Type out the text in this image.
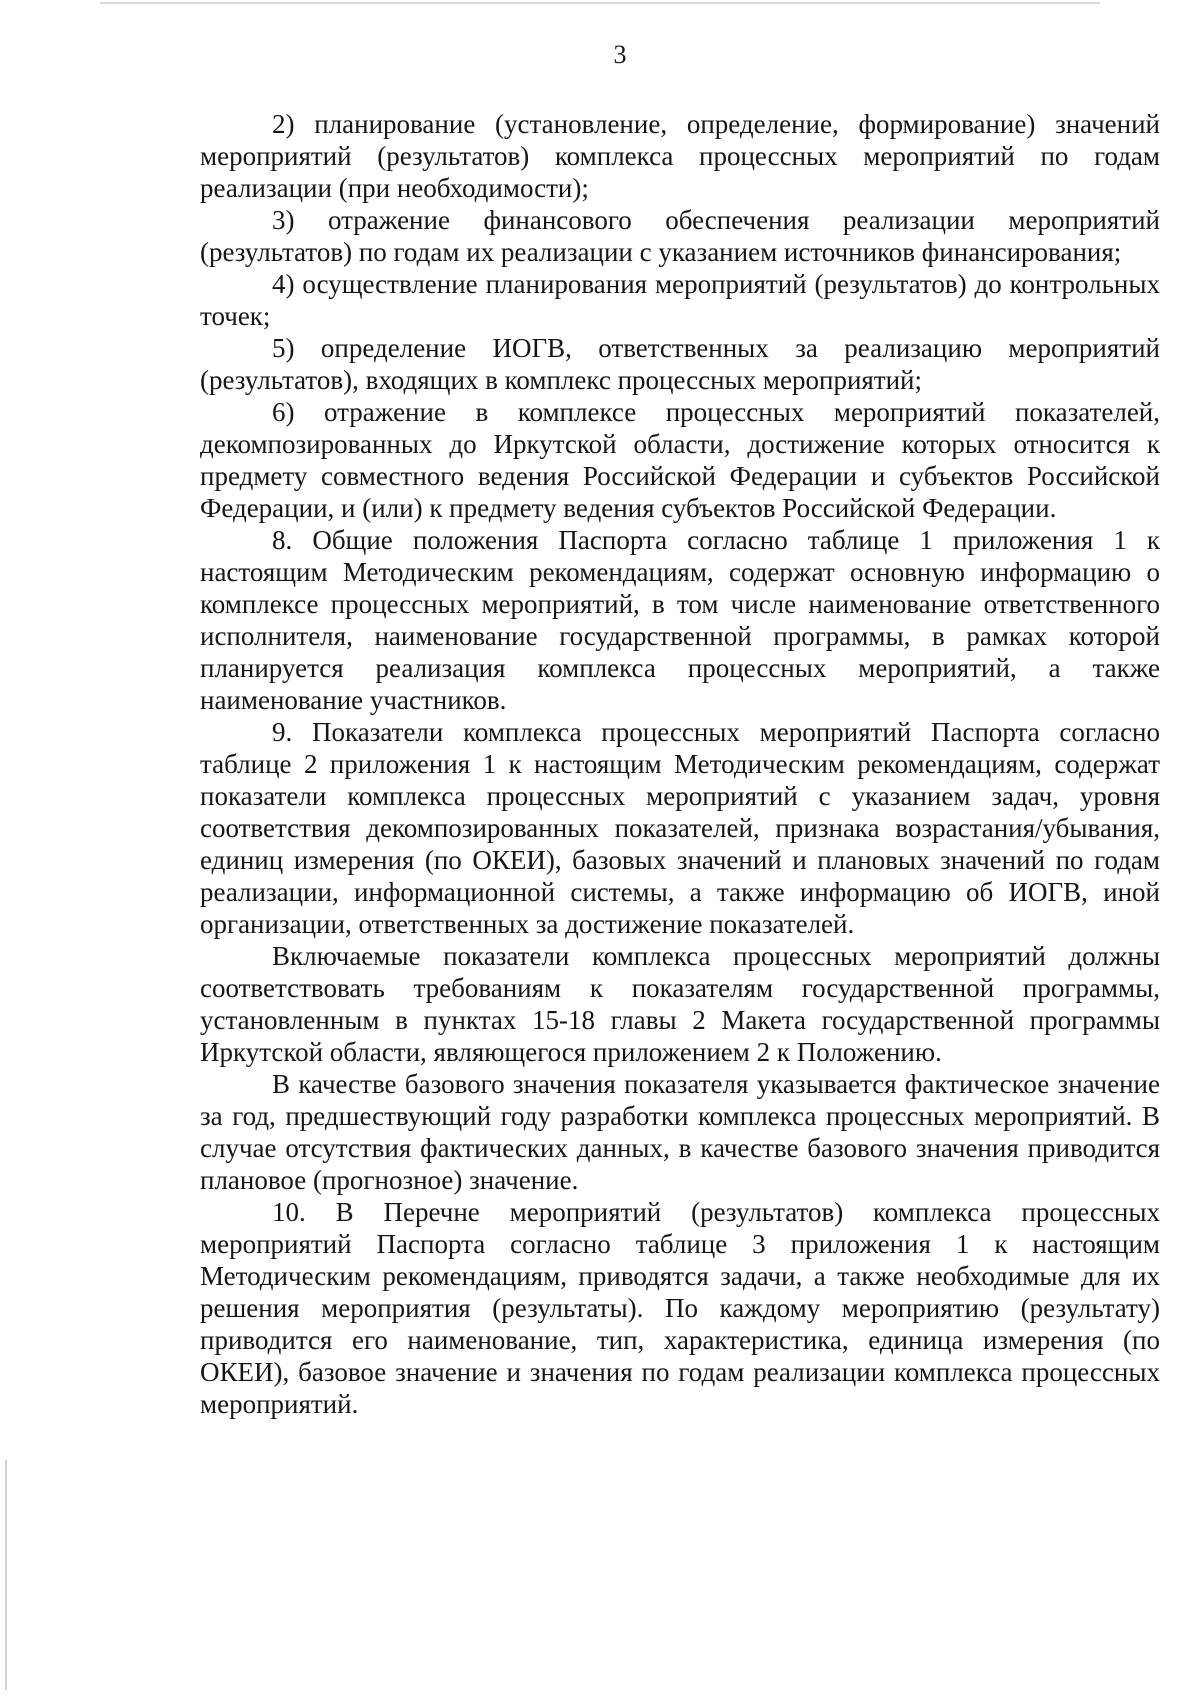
3

2) планирование (установление, определение, формирование) значений мероприятий (результатов) комплекса процессных мероприятий по годам реализации (при необходимости);

3) отражение финансового обеспечения реализации мероприятий (результатов) по годам их реализации с указанием источников финансирования;

4) осуществление планирования мероприятий (результатов) до контрольных точек;

5) определение ИОГВ, ответственных за реализацию мероприятий (результатов), входящих в комплекс процессных мероприятий;

6) отражение в комплексе процессных мероприятий показателей, декомпозированных до Иркутской области, достижение которых относится к предмету совместного ведения Российской Федерации и субъектов Российской Федерации, и (или) к предмету ведения субъектов Российской Федерации.

8. Общие положения Паспорта согласно таблице 1 приложения 1 к настоящим Методическим рекомендациям, содержат основную информацию о комплексе процессных мероприятий, в том числе наименование ответственного исполнителя, наименование государственной программы, в рамках которой планируется реализация комплекса процессных мероприятий, а также наименование участников.

9. Показатели комплекса процессных мероприятий Паспорта согласно таблице 2 приложения 1 к настоящим Методическим рекомендациям, содержат показатели комплекса процессных мероприятий с указанием задач, уровня соответствия декомпозированных показателей, признака возрастания/убывания, единиц измерения (по ОКЕИ), базовых значений и плановых значений по годам реализации, информационной системы, а также информацию об ИОГВ, иной организации, ответственных за достижение показателей.

Включаемые показатели комплекса процессных мероприятий должны соответствовать требованиям к показателям государственной программы, установленным в пунктах 15-18 главы 2 Макета государственной программы Иркутской области, являющегося приложением 2 к Положению.

В качестве базового значения показателя указывается фактическое значение за год, предшествующий году разработки комплекса процессных мероприятий. В случае отсутствия фактических данных, в качестве базового значения приводится плановое (прогнозное) значение.

10. В Перечне мероприятий (результатов) комплекса процессных мероприятий Паспорта согласно таблице 3 приложения 1 к настоящим Методическим рекомендациям, приводятся задачи, а также необходимые для их решения мероприятия (результаты). По каждому мероприятию (результату) приводится его наименование, тип, характеристика, единица измерения (по ОКЕИ), базовое значение и значения по годам реализации комплекса процессных мероприятий.
